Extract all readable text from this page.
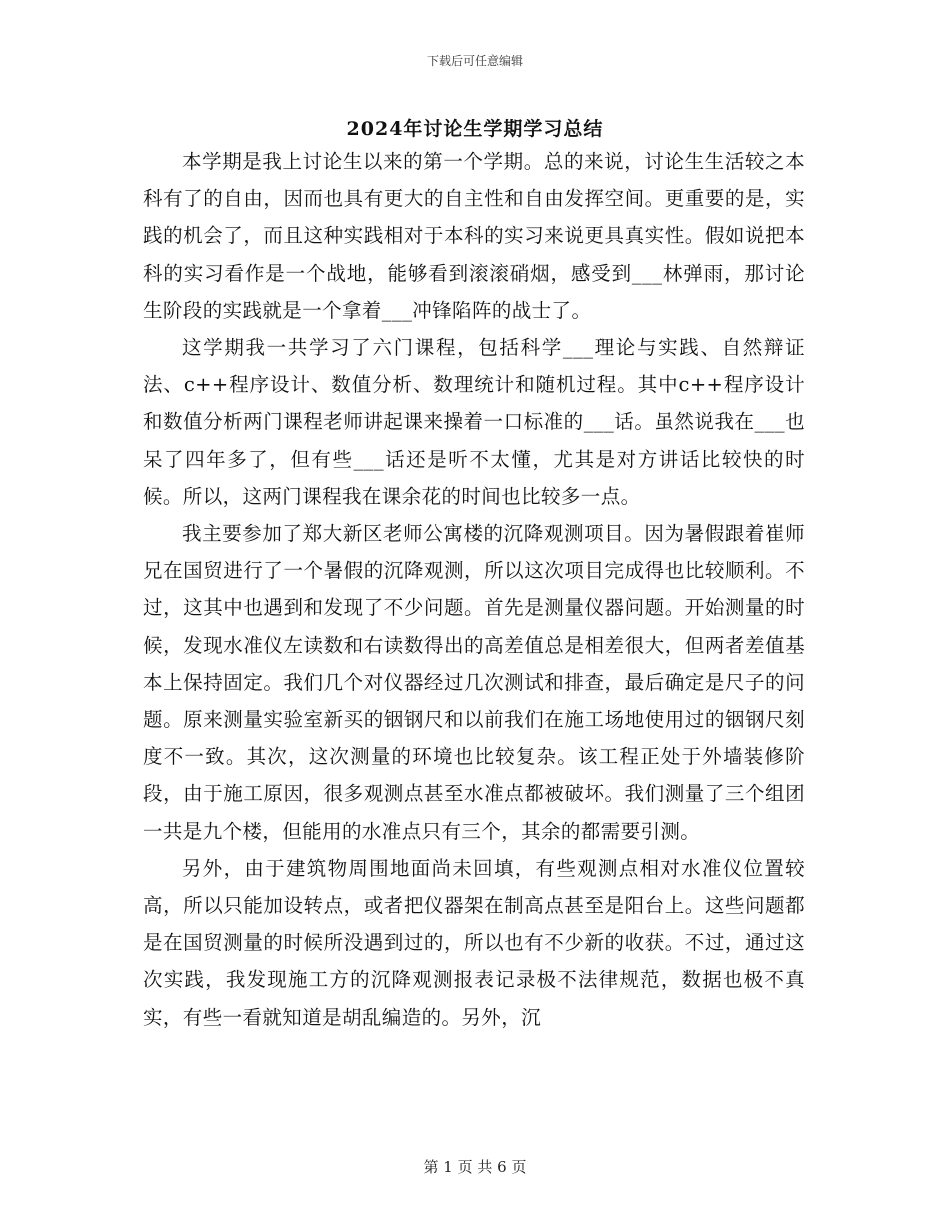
下载后可任意编辑
2024年讨论生学期学习总结

本学期是我上讨论生以来的第一个学期。总的来说，讨论生生活较之本科有了的自由，因而也具有更大的自主性和自由发挥空间。更重要的是，实践的机会了，而且这种实践相对于本科的实习来说更具真实性。假如说把本科的实习看作是一个战地，能够看到滚滚硝烟，感受到___林弹雨，那讨论生阶段的实践就是一个拿着___冲锋陷阵的战士了。

这学期我一共学习了六门课程，包括科学___理论与实践、自然辩证法、c++程序设计、数值分析、数理统计和随机过程。其中c++程序设计和数值分析两门课程老师讲起课来操着一口标准的___话。虽然说我在___也呆了四年多了，但有些___话还是听不太懂，尤其是对方讲话比较快的时候。所以，这两门课程我在课余花的时间也比较多一点。

我主要参加了郑大新区老师公寓楼的沉降观测项目。因为暑假跟着崔师兄在国贸进行了一个暑假的沉降观测，所以这次项目完成得也比较顺利。不过，这其中也遇到和发现了不少问题。首先是测量仪器问题。开始测量的时候，发现水准仪左读数和右读数得出的高差值总是相差很大，但两者差值基本上保持固定。我们几个对仪器经过几次测试和排查，最后确定是尺子的问题。原来测量实验室新买的铟钢尺和以前我们在施工场地使用过的铟钢尺刻度不一致。其次，这次测量的环境也比较复杂。该工程正处于外墙装修阶段，由于施工原因，很多观测点甚至水准点都被破坏。我们测量了三个组团一共是九个楼，但能用的水准点只有三个，其余的都需要引测。

另外，由于建筑物周围地面尚未回填，有些观测点相对水准仪位置较高，所以只能加设转点，或者把仪器架在制高点甚至是阳台上。这些问题都是在国贸测量的时候所没遇到过的，所以也有不少新的收获。不过，通过这次实践，我发现施工方的沉降观测报表记录极不法律规范，数据也极不真实，有些一看就知道是胡乱编造的。另外，沉

第 1 页 共 6 页
